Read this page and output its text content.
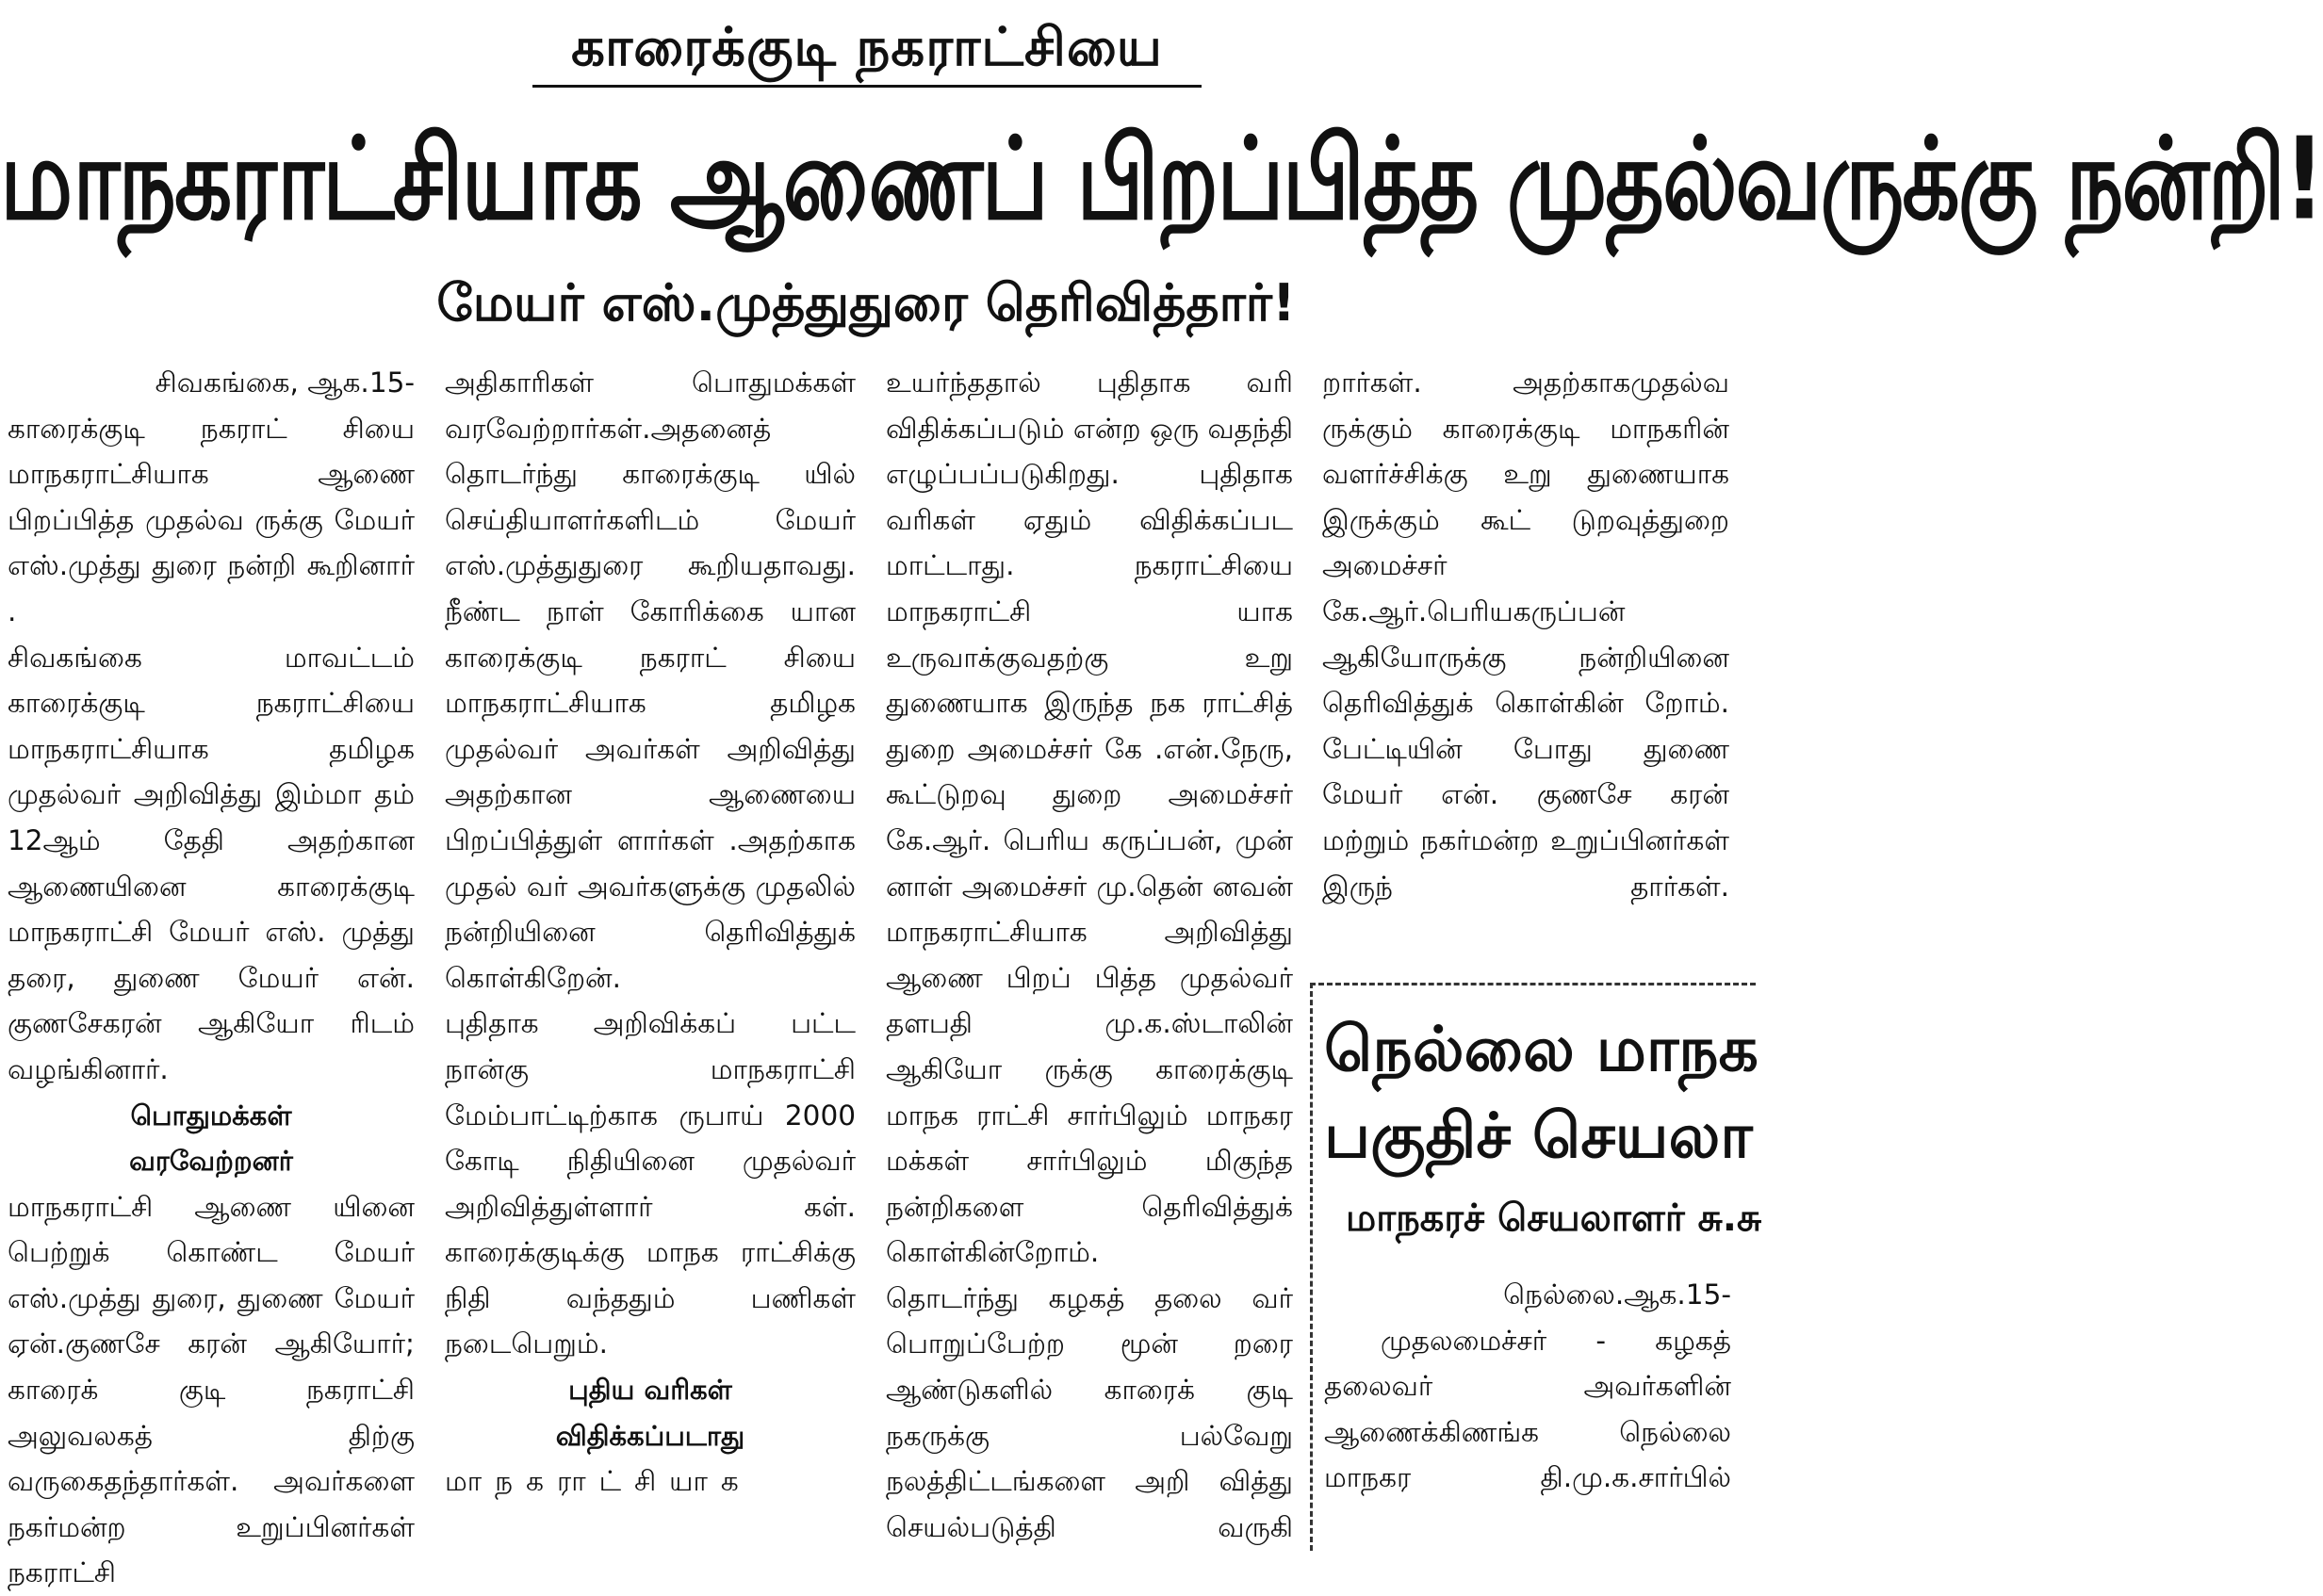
காரைக்குடி நகராட்சியை
மாநகராட்சியாக ஆணைப் பிறப்பித்த முதல்வருக்கு நன்றி!
மேயர் எஸ்.முத்துதுரை தெரிவித்தார்!

சிவகங்கை, ஆக.15-

காரைக்குடி நகராட் சியை மாநகராட்சியாக ஆணை பிறப்பித்த முதல்வ ருக்கு மேயர் எஸ்.முத்து துரை நன்றி கூறினார் .

சிவகங்கை மாவட்டம் காரைக்குடி நகராட்சியை மாநகராட்சியாக தமிழக முதல்வர் அறிவித்து இம்மா தம் 12ஆம் தேதி அதற்கான ஆணையினை காரைக்குடி மாநகராட்சி மேயர் எஸ். முத்து தரை, துணை மேயர் என். குணசேகரன் ஆகியோ ரிடம் வழங்கினார்.

பொதுமக்கள்

வரவேற்றனர்

மாநகராட்சி ஆணை யினை பெற்றுக் கொண்ட மேயர் எஸ்.முத்து துரை, துணை மேயர் ஏன்.குணசே கரன் ஆகியோர்; காரைக் குடி நகராட்சி அலுவலகத் திற்கு வருகைதந்தார்கள். அவர்களை நகர்மன்ற உறுப்பினர்கள் நகராட்சி

அதிகாரிகள் பொதுமக்கள் வரவேற்றார்கள்.அதனைத் தொடர்ந்து காரைக்குடி யில் செய்தியாளர்களிடம் மேயர் எஸ்.முத்துதுரை கூறியதாவது.

நீண்ட நாள் கோரிக்கை யான காரைக்குடி நகராட் சியை மாநகராட்சியாக தமிழக முதல்வர் அவர்கள் அறிவித்து அதற்கான ஆணையை பிறப்பித்துள் ளார்கள் .அதற்காக முதல் வர் அவர்களுக்கு முதலில் நன்றியினை தெரிவித்துக் கொள்கிறேன்.

புதிதாக அறிவிக்கப் பட்ட நான்கு மாநகராட்சி மேம்பாட்டிற்காக ருபாய் 2000 கோடி நிதியினை முதல்வர் அறிவித்துள்ளார் கள். காரைக்குடிக்கு மாநக ராட்சிக்கு நிதி வந்ததும் பணிகள் நடைபெறும்.

புதிய வரிகள்

விதிக்கப்படாது

மாநகராட்சியாக

உயர்ந்ததால் புதிதாக வரி விதிக்கப்படும் என்ற ஒரு வதந்தி எழுப்பப்படுகிறது. புதிதாக வரிகள் ஏதும் விதிக்கப்பட மாட்டாது. நகராட்சியை மாநகராட்சி யாக உருவாக்குவதற்கு உறு துணையாக இருந்த நக ராட்சித் துறை அமைச்சர் கே .என்.நேரு, கூட்டுறவு துறை அமைச்சர் கே.ஆர். பெரிய கருப்பன், முன் னாள் அமைச்சர் மு.தென் னவன் மாநகராட்சியாக அறிவித்து ஆணை பிறப் பித்த முதல்வர் தளபதி மு.க.ஸ்டாலின் ஆகியோ ருக்கு காரைக்குடி மாநக ராட்சி சார்பிலும் மாநகர மக்கள் சார்பிலும் மிகுந்த நன்றிகளை தெரிவித்துக் கொள்கின்றோம்.

தொடர்ந்து கழகத் தலை வர் பொறுப்பேற்ற மூன் றரை ஆண்டுகளில் காரைக் குடி நகருக்கு பல்வேறு நலத்திட்டங்களை அறி வித்து செயல்படுத்தி வருகி

றார்கள். அதற்காகமுதல்வ ருக்கும் காரைக்குடி மாநகரின் வளர்ச்சிக்கு உறு துணையாக இருக்கும் கூட் டுறவுத்துறை அமைச்சர் கே.ஆர்.பெரியகருப்பன் ஆகியோருக்கு நன்றியினை தெரிவித்துக் கொள்கின் றோம்.

பேட்டியின் போது துணை மேயர் என். குணசே கரன் மற்றும் நகர்மன்ற உறுப்பினர்கள் இருந் தார்கள்.

நெல்லை மாநக
பகுதிச் செயலா
மாநகரச் செயலாளர் சு.சு

நெல்லை.ஆக.15-

முதலமைச்சர் - கழகத் தலைவர் அவர்களின் ஆணைக்கிணங்க நெல்லை மாநகர தி.மு.க.சார்பில்
